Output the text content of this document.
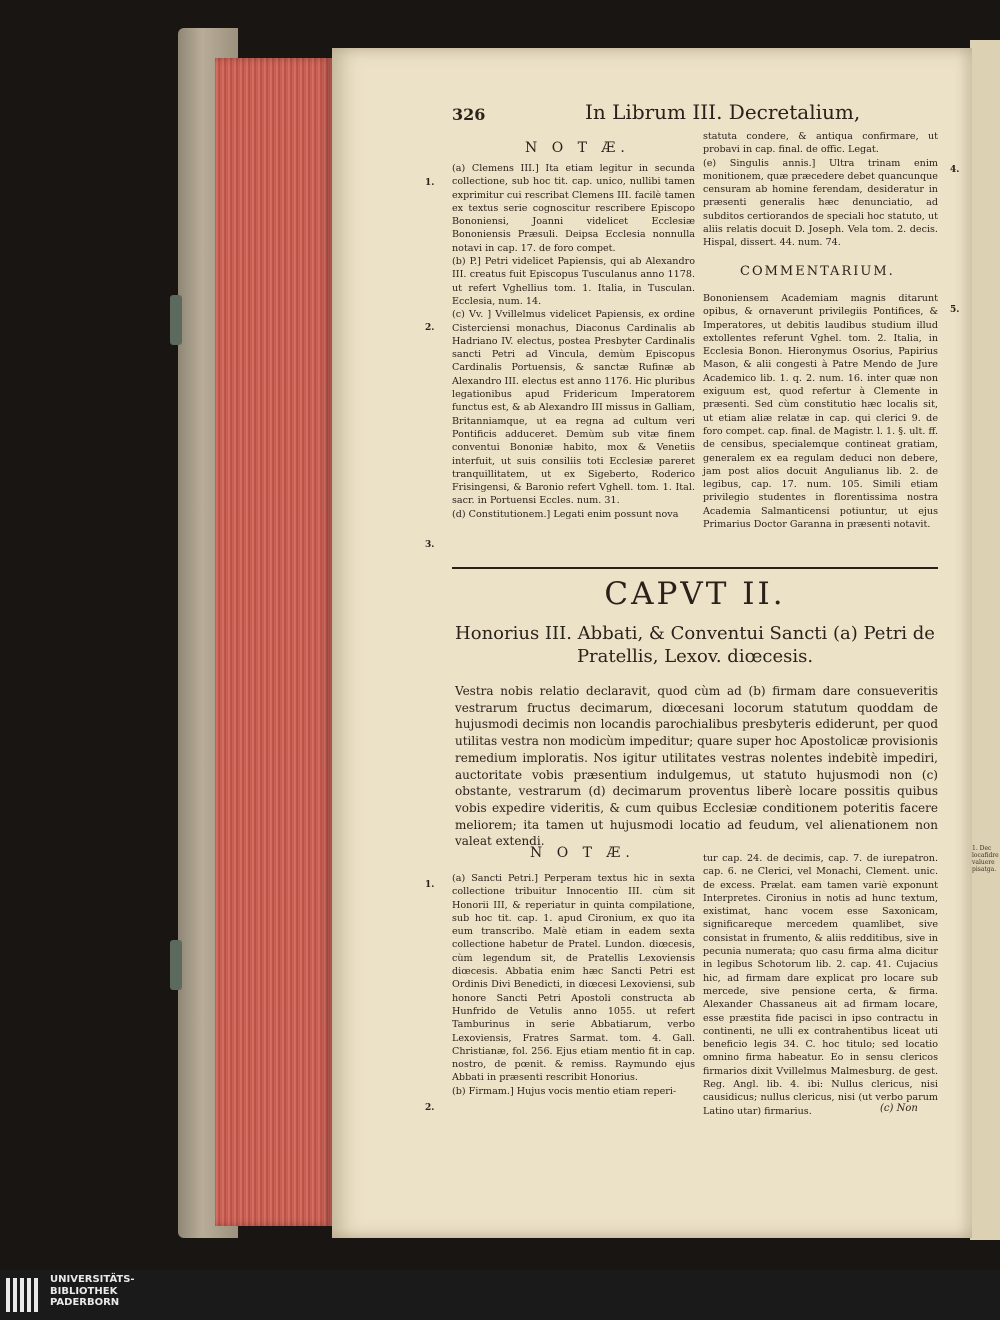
1. Dec
locafidre
valuere
pisatga.
326	In Librum III. Decretalium,
N O T Æ.

(a) Clemens III.] Ita etiam legitur in secunda collectione, sub hoc tit. cap. unico, nullibi tamen exprimitur cui rescribat Clemens III. facilè tamen ex textus serie cognoscitur rescribere Episcopo Bononiensi, Joanni videlicet Ecclesiæ Bononiensis Præsuli. Deipsa Ecclesia nonnulla notavi in cap. 17. de foro compet.

(b) P.] Petri videlicet Papiensis, qui ab Alexandro III. creatus fuit Episcopus Tusculanus anno 1178. ut refert Vghellius tom. 1. Italia, in Tusculan. Ecclesia, num. 14.

(c) Vv. ] Vvillelmus videlicet Papiensis, ex ordine Cisterciensi monachus, Diaconus Cardinalis ab Hadriano IV. electus, postea Presbyter Cardinalis sancti Petri ad Vincula, demùm Episcopus Cardinalis Portuensis, & sanctæ Rufinæ ab Alexandro III. electus est anno 1176. Hic pluribus legationibus apud Fridericum Imperatorem functus est, & ab Alexandro III missus in Galliam, Britanniamque, ut ea regna ad cultum veri Pontificis adduceret. Demùm sub vitæ finem conventui Bononiæ habito, mox & Venetiis interfuit, ut suis consiliis toti Ecclesiæ pareret tranquillitatem, ut ex Sigeberto, Roderico Frisingensi, & Baronio refert Vghell. tom. 1. Ital. sacr. in Portuensi Eccles. num. 31.

(d) Constitutionem.] Legati enim possunt nova

statuta condere, & antiqua confirmare, ut probavi in cap. final. de offic. Legat.

(e) Singulis annis.] Ultra trinam enim monitionem, quæ præcedere debet quancunque censuram ab homine ferendam, desideratur in præsenti generalis hæc denunciatio, ad subditos certiorandos de speciali hoc statuto, ut aliis relatis docuit D. Joseph. Vela tom. 2. decis. Hispal, dissert. 44. num. 74.

COMMENTARIUM.
Bononiensem Academiam magnis ditarunt opibus, & ornaverunt privilegiis Pontifices, & Imperatores, ut debitis laudibus studium illud extollentes referunt Vghel. tom. 2. Italia, in Ecclesia Bonon. Hieronymus Osorius, Papirius Mason, & alii congesti à Patre Mendo de Jure Academico lib. 1. q. 2. num. 16. inter quæ non exiguum est, quod refertur à Clemente in præsenti. Sed cùm constitutio hæc localis sit, ut etiam aliæ relatæ in cap. qui clerici 9. de foro compet. cap. final. de Magistr. l. 1. §. ult. ff. de censibus, specialemque contineat gratiam, generalem ex ea regulam deduci non debere, jam post alios docuit Angulianus lib. 2. de legibus, cap. 17. num. 105. Simili etiam privilegio studentes in florentissima nostra Academia Salmanticensi potiuntur, ut ejus Primarius Doctor Garanna in præsenti notavit.
CAPVT II.
Honorius III. Abbati, & Conventui Sancti (a) Petri de Pratellis, Lexov. diœcesis.
Vestra nobis relatio declaravit, quod cùm ad (b) firmam dare consueveritis vestrarum fructus decimarum, diœcesani locorum statutum quoddam de hujusmodi decimis non locandis parochialibus presbyteris ediderunt, per quod utilitas vestra non modicùm impeditur; quare super hoc Apostolicæ provisionis remedium imploratis. Nos igitur utilitates vestras nolentes indebitè impediri, auctoritate vobis præsentium indulgemus, ut statuto hujusmodi non (c) obstante, vestrarum (d) decimarum proventus liberè locare possitis quibus vobis expedire videritis, & cum quibus Ecclesiæ conditionem poteritis facere meliorem; ita tamen ut hujusmodi locatio ad feudum, vel alienationem non valeat extendi.
N O T Æ.

(a) Sancti Petri.] Perperam textus hic in sexta collectione tribuitur Innocentio III. cùm sit Honorii III, & reperiatur in quinta compilatione, sub hoc tit. cap. 1. apud Cironium, ex quo ita eum transcribo. Malè etiam in eadem sexta collectione habetur de Pratel. Lundon. diœcesis, cùm legendum sit, de Pratellis Lexoviensis diœcesis. Abbatia enim hæc Sancti Petri est Ordinis Divi Benedicti, in diœcesi Lexoviensi, sub honore Sancti Petri Apostoli constructa ab Hunfrido de Vetulis anno 1055. ut refert Tamburinus in serie Abbatiarum, verbo Lexoviensis, Fratres Sarmat. tom. 4. Gall. Christianæ, fol. 256. Ejus etiam mentio fit in cap. nostro, de pœnit. & remiss. Raymundo ejus Abbati in præsenti rescribit Honorius.

(b) Firmam.] Hujus vocis mentio etiam reperi-

tur cap. 24. de decimis, cap. 7. de iurepatron. cap. 6. ne Clerici, vel Monachi, Clement. unic. de excess. Prælat. eam tamen variè exponunt Interpretes. Cironius in notis ad hunc textum, existimat, hanc vocem esse Saxonicam, significareque mercedem quamlibet, sive consistat in frumento, & aliis redditibus, sive in pecunia numerata; quo casu firma alma dicitur in legibus Schotorum lib. 2. cap. 41. Cujacius hic, ad firmam dare explicat pro locare sub mercede, sive pensione certa, & firma. Alexander Chassaneus ait ad firmam locare, esse præstita fide pacisci in ipso contractu in continenti, ne ulli ex contrahentibus liceat uti beneficio legis 34. C. hoc titulo; sed locatio omnino firma habeatur. Eo in sensu clericos firmarios dixit Vvillelmus Malmesburg. de gest. Reg. Angl. lib. 4. ibi: Nullus clericus, nisi causidicus; nullus clericus, nisi (ut verbo parum Latino utar) firmarius.	(c) Non
1.
2.
3.
1.
2.
4.
5.
UNIVERSITÄTS-
BIBLIOTHEK
PADERBORN
